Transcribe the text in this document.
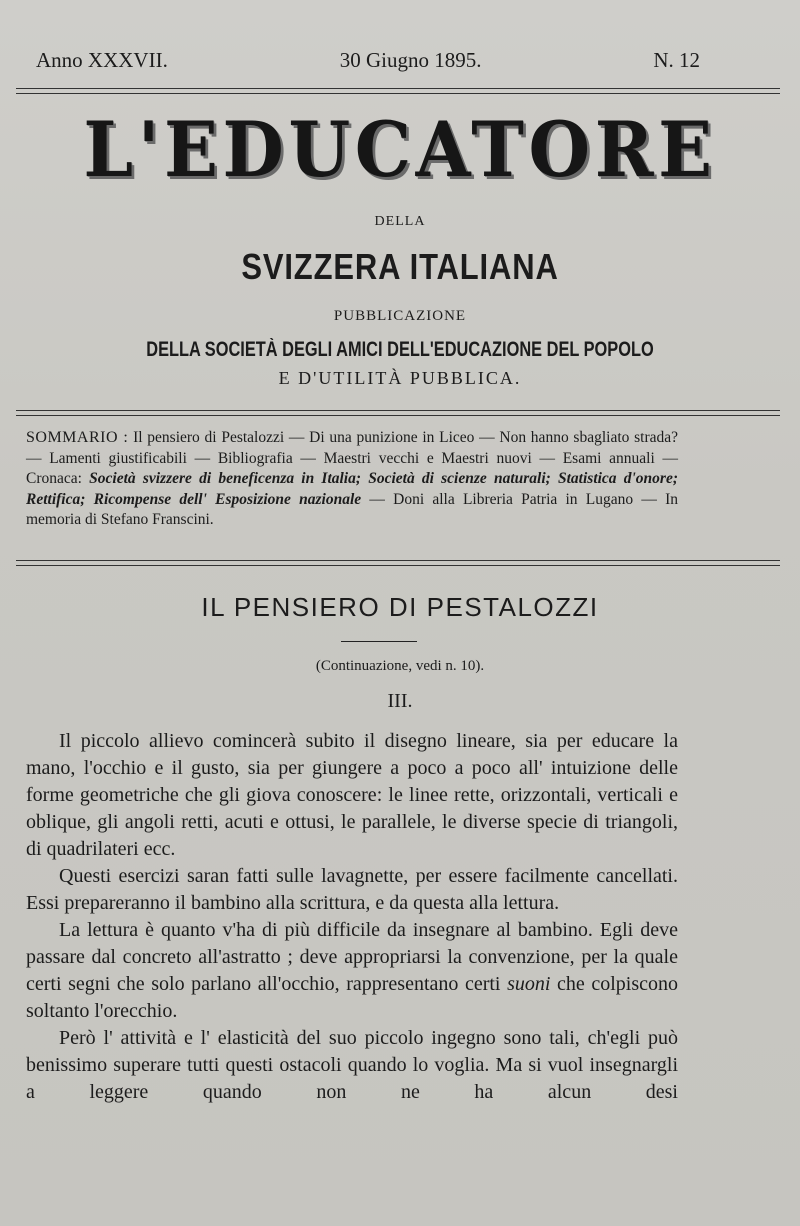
Anno XXXVII.	30 Giugno 1895.	N. 12
L'EDUCATORE
DELLA
SVIZZERA ITALIANA
PUBBLICAZIONE
DELLA SOCIETÀ DEGLI AMICI DELL'EDUCAZIONE DEL POPOLO
E D'UTILITÀ PUBBLICA.
SOMMARIO : Il pensiero di Pestalozzi — Di una punizione in Liceo — Non hanno sbagliato strada? — Lamenti giustificabili — Bibliografia — Maestri vecchi e Maestri nuovi — Esami annuali — Cronaca: Società svizzere di beneficenza in Italia; Società di scienze naturali; Statistica d'onore; Rettifica; Ricompense dell' Esposizione nazionale — Doni alla Libreria Patria in Lugano — In memoria di Stefano Franscini.
IL PENSIERO DI PESTALOZZI
(Continuazione, vedi n. 10).
III.

Il piccolo allievo comincerà subito il disegno lineare, sia per educare la mano, l'occhio e il gusto, sia per giungere a poco a poco all' intuizione delle forme geometriche che gli giova conoscere: le linee rette, orizzontali, verticali e oblique, gli angoli retti, acuti e ottusi, le parallele, le diverse specie di triangoli, di quadrilateri ecc.

Questi esercizi saran fatti sulle lavagnette, per essere facilmente cancellati. Essi prepareranno il bambino alla scrittura, e da questa alla lettura.

La lettura è quanto v'ha di più difficile da insegnare al bambino. Egli deve passare dal concreto all'astratto ; deve appropriarsi la convenzione, per la quale certi segni che solo parlano all'occhio, rappresentano certi suoni che colpiscono soltanto l'orecchio.

Però l' attività e l' elasticità del suo piccolo ingegno sono tali, ch'egli può benissimo superare tutti questi ostacoli quando lo voglia. Ma si vuol insegnargli a leggere quando non ne ha alcun desi
